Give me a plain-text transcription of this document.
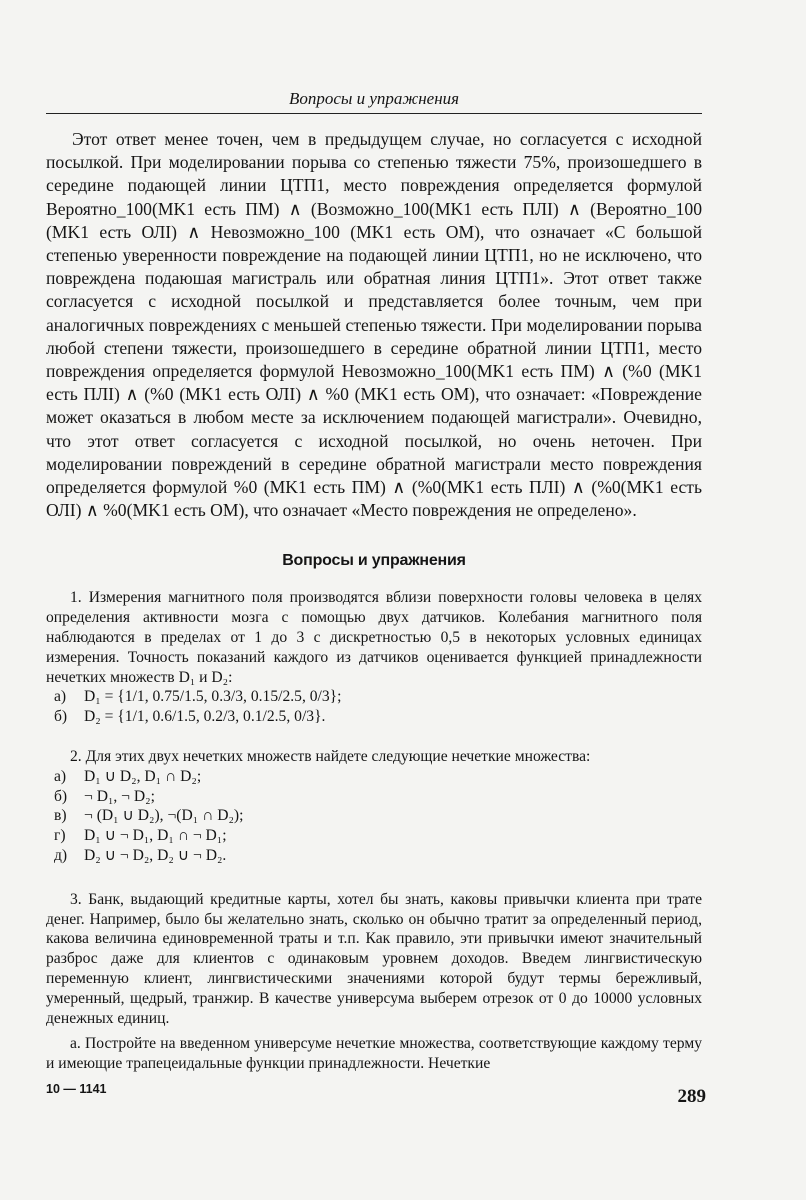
Вопросы и упражнения

Этот ответ менее точен, чем в предыдущем случае, но согласуется с исходной посылкой. При моделировании порыва со степенью тяжести 75%, произошедшего в середине подающей линии ЦТП1, место повреждения определяется формулой Вероятно_100(MK1 есть ПМ) ∧ (Возможно_100(MK1 есть ПЛІ) ∧ (Вероятно_100 (MK1 есть ОЛІ) ∧ Невозможно_100 (MK1 есть ОМ), что означает «С большой степенью уверенности повреждение на подающей линии ЦТП1, но не исключено, что повреждена подаюшая магистраль или обратная линия ЦТП1». Этот ответ также согласуется с исходной посылкой и представляется более точным, чем при аналогичных повреждениях с меньшей степенью тяжести. При моделировании порыва любой степени тяжести, произошедшего в середине обратной линии ЦТП1, место повреждения определяется формулой Невозможно_100(MK1 есть ПМ) ∧ (%0 (MK1 есть ПЛІ) ∧ (%0 (MK1 есть ОЛІ) ∧ %0 (MK1 есть ОМ), что означает: «Повреждение может оказаться в любом месте за исключением подающей магистрали». Очевидно, что этот ответ согласуется с исходной посылкой, но очень неточен. При моделировании повреждений в середине обратной магистрали место повреждения определяется формулой %0 (MK1 есть ПМ) ∧ (%0(MK1 есть ПЛІ) ∧ (%0(MK1 есть ОЛІ) ∧ %0(MK1 есть ОМ), что означает «Место повреждения не определено».

Вопросы и упражнения

1. Измерения магнитного поля производятся вблизи поверхности головы человека в целях определения активности мозга с помощью двух датчиков. Колебания магнитного поля наблюдаются в пределах от 1 до 3 с дискретностью 0,5 в некоторых условных единицах измерения. Точность показаний каждого из датчиков оценивается функцией принадлежности нечетких множеств D₁ и D₂:

а)	D₁ = {1/1, 0.75/1.5, 0.3/3, 0.15/2.5, 0/3};
б)	D₂ = {1/1, 0.6/1.5, 0.2/3, 0.1/2.5, 0/3}.

2. Для этих двух нечетких множеств найдете следующие нечеткие множества:

а)	D₁ ∪ D₂, D₁ ∩ D₂;
б)	¬ D₁, ¬ D₂;
в)	¬ (D₁ ∪ D₂), ¬(D₁ ∩ D₂);
г)	D₁ ∪ ¬ D₁, D₁ ∩ ¬ D₁;
д)	D₂ ∪ ¬ D₂, D₂ ∪ ¬ D₂.

3. Банк, выдающий кредитные карты, хотел бы знать, каковы привычки клиента при трате денег. Например, было бы желательно знать, сколько он обычно тратит за определенный период, какова величина единовременной траты и т.п. Как правило, эти привычки имеют значительный разброс даже для клиентов с одинаковым уровнем доходов. Введем лингвистическую переменную клиент, лингвистическими значениями которой будут термы бережливый, умеренный, щедрый, транжир. В качестве универсума выберем отрезок от 0 до 10000 условных денежных единиц.

а. Постройте на введенном универсуме нечеткие множества, соответствующие каждому терму и имеющие трапецеидальные функции принадлежности. Нечеткие

10 — 1141	289
